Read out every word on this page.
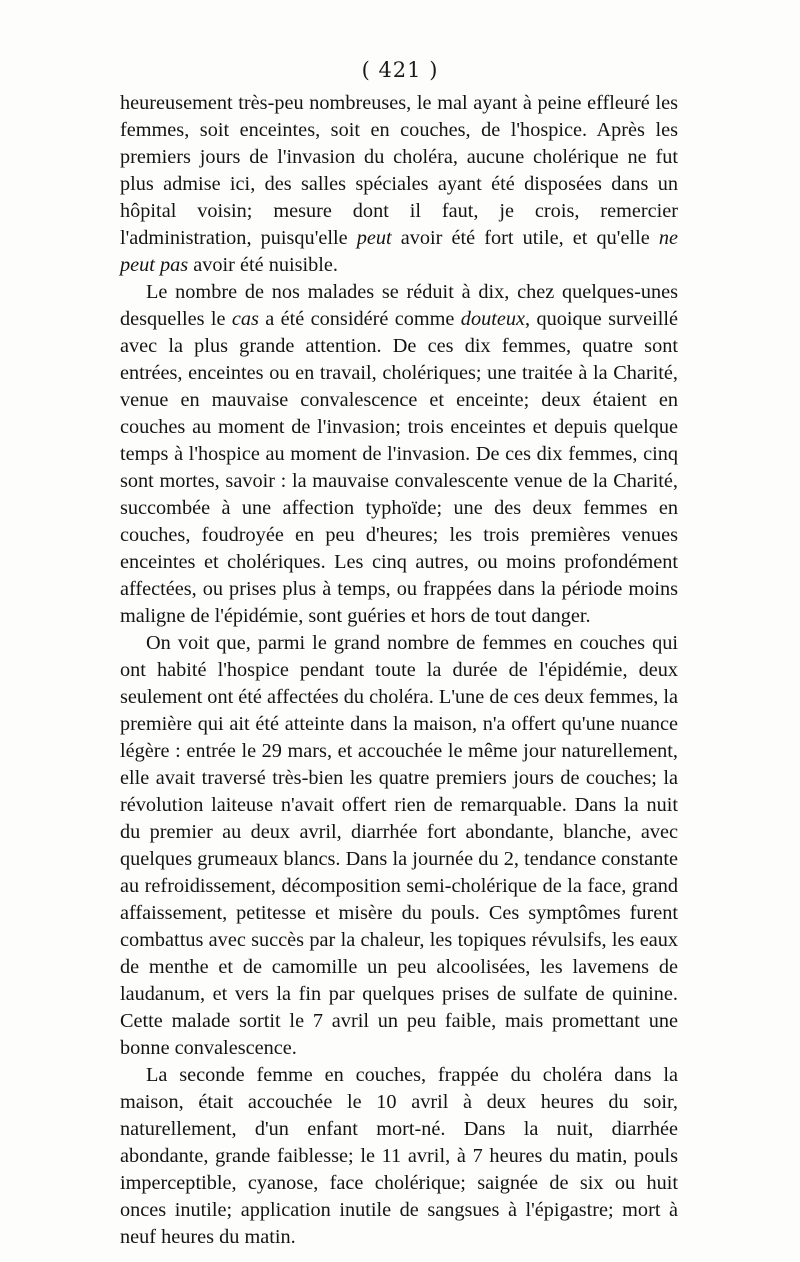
( 421 )

heureusement très-peu nombreuses, le mal ayant à peine effleuré les femmes, soit enceintes, soit en couches, de l'hospice. Après les premiers jours de l'invasion du choléra, aucune cholérique ne fut plus admise ici, des salles spéciales ayant été disposées dans un hôpital voisin; mesure dont il faut, je crois, remercier l'administration, puisqu'elle peut avoir été fort utile, et qu'elle ne peut pas avoir été nuisible.

Le nombre de nos malades se réduit à dix, chez quelques-unes desquelles le cas a été considéré comme douteux, quoique surveillé avec la plus grande attention. De ces dix femmes, quatre sont entrées, enceintes ou en travail, cholériques; une traitée à la Charité, venue en mauvaise convalescence et enceinte; deux étaient en couches au moment de l'invasion; trois enceintes et depuis quelque temps à l'hospice au moment de l'invasion. De ces dix femmes, cinq sont mortes, savoir : la mauvaise convalescente venue de la Charité, succombée à une affection typhoïde; une des deux femmes en couches, foudroyée en peu d'heures; les trois premières venues enceintes et cholériques. Les cinq autres, ou moins profondément affectées, ou prises plus à temps, ou frappées dans la période moins maligne de l'épidémie, sont guéries et hors de tout danger.

On voit que, parmi le grand nombre de femmes en couches qui ont habité l'hospice pendant toute la durée de l'épidémie, deux seulement ont été affectées du choléra. L'une de ces deux femmes, la première qui ait été atteinte dans la maison, n'a offert qu'une nuance légère : entrée le 29 mars, et accouchée le même jour naturellement, elle avait traversé très-bien les quatre premiers jours de couches; la révolution laiteuse n'avait offert rien de remarquable. Dans la nuit du premier au deux avril, diarrhée fort abondante, blanche, avec quelques grumeaux blancs. Dans la journée du 2, tendance constante au refroidissement, décomposition semi-cholérique de la face, grand affaissement, petitesse et misère du pouls. Ces symptômes furent combattus avec succès par la chaleur, les topiques révulsifs, les eaux de menthe et de camomille un peu alcoolisées, les lavemens de laudanum, et vers la fin par quelques prises de sulfate de quinine. Cette malade sortit le 7 avril un peu faible, mais promettant une bonne convalescence.

La seconde femme en couches, frappée du choléra dans la maison, était accouchée le 10 avril à deux heures du soir, naturellement, d'un enfant mort-né. Dans la nuit, diarrhée abondante, grande faiblesse; le 11 avril, à 7 heures du matin, pouls imperceptible, cyanose, face cholérique; saignée de six ou huit onces inutile; application inutile de sangsues à l'épigastre; mort à neuf heures du matin.
